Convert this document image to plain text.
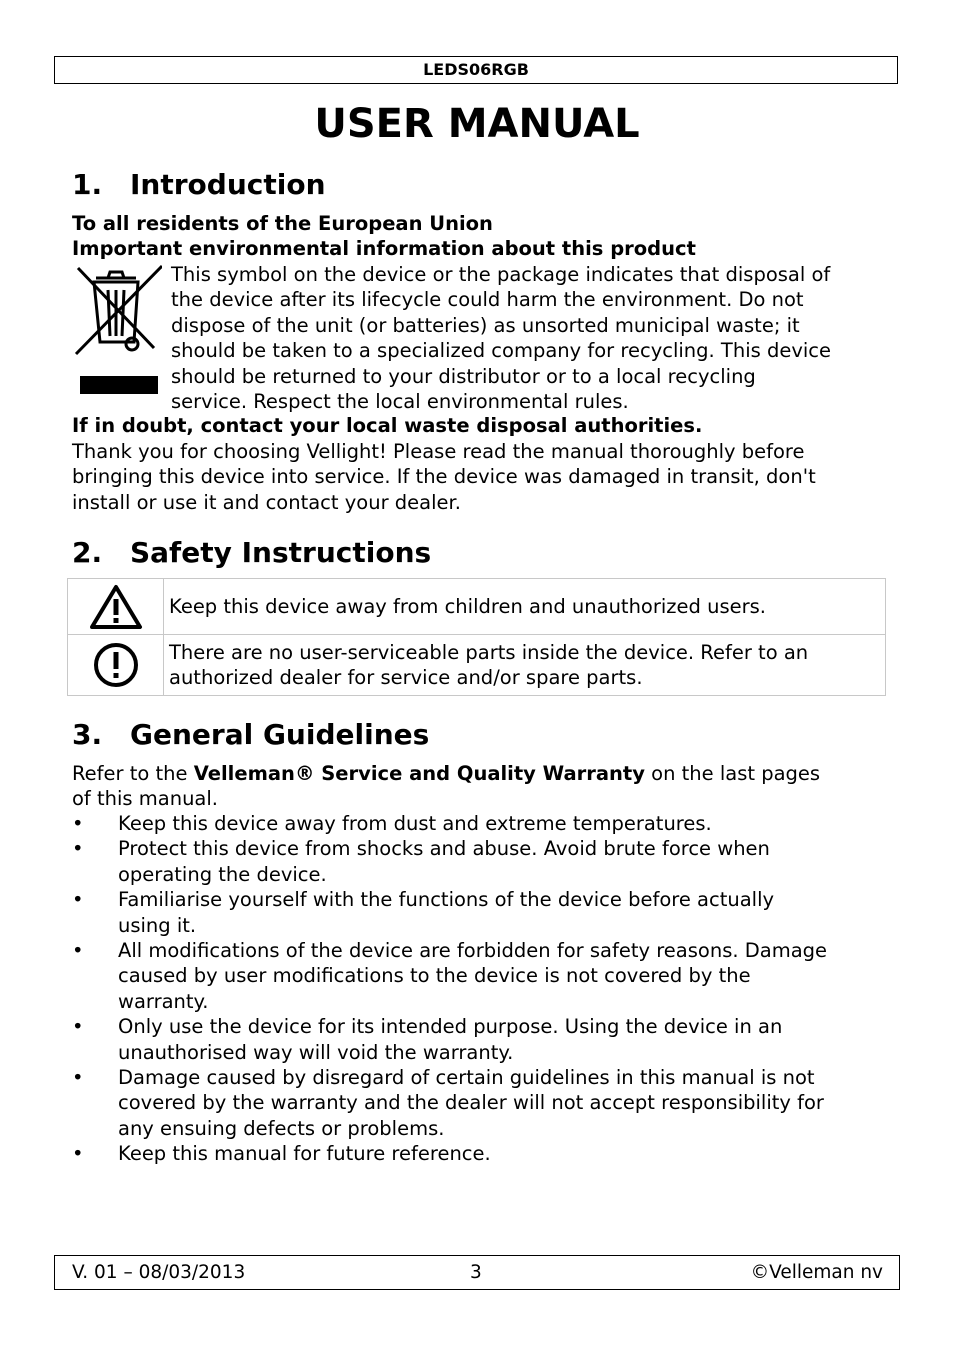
LEDS06RGB
USER MANUAL
1. Introduction
To all residents of the European Union
Important environmental information about this product
This symbol on the device or the package indicates that disposal of
the device after its lifecycle could harm the environment. Do not
dispose of the unit (or batteries) as unsorted municipal waste; it
should be taken to a specialized company for recycling. This device
should be returned to your distributor or to a local recycling
service. Respect the local environmental rules.
If in doubt, contact your local waste disposal authorities.
Thank you for choosing Vellight! Please read the manual thoroughly before
bringing this device into service. If the device was damaged in transit, don't
install or use it and contact your dealer.
2. Safety Instructions
	Keep this device away from children and unauthorized users.

There are no user-serviceable parts inside the device. Refer to an
authorized dealer for service and/or spare parts.
3. General Guidelines
Refer to the Velleman® Service and Quality Warranty on the last pages
of this manual.
• Keep this device away from dust and extreme temperatures.
• Protect this device from shocks and abuse. Avoid brute force when
operating the device.
• Familiarise yourself with the functions of the device before actually
using it.
• All modifications of the device are forbidden for safety reasons. Damage
caused by user modifications to the device is not covered by the
warranty.
• Only use the device for its intended purpose. Using the device in an
unauthorised way will void the warranty.
• Damage caused by disregard of certain guidelines in this manual is not
covered by the warranty and the dealer will not accept responsibility for
any ensuing defects or problems.
• Keep this manual for future reference.
V. 01 – 08/03/2013	3	©Velleman nv
